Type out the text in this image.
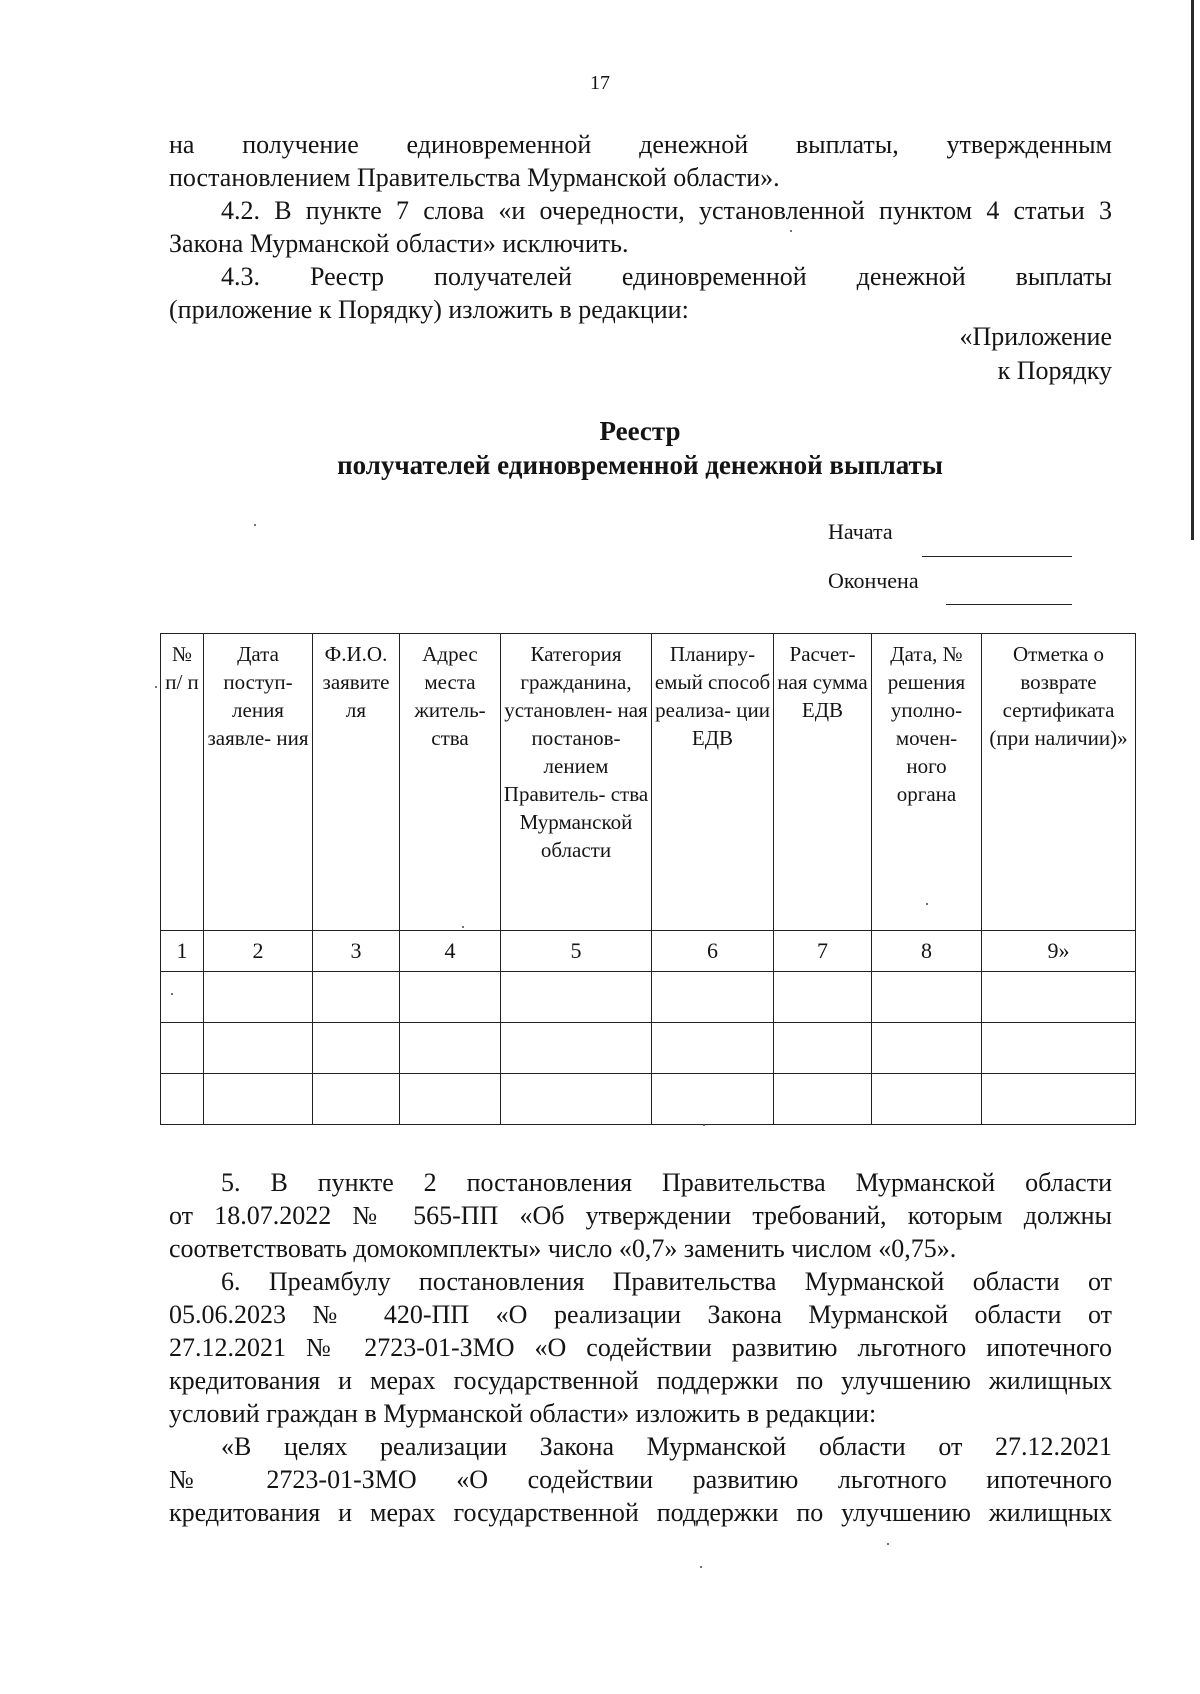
17

на получение единовременной денежной выплаты, утвержденным

постановлением Правительства Мурманской области».

4.2. В пункте 7 слова «и очередности, установленной пунктом 4 статьи 3

Закона Мурманской области» исключить.

4.3. Реестр получателей единовременной денежной выплаты

(приложение к Порядку) изложить в редакции:

«Приложение
к Порядку
Реестр
получателей единовременной денежной выплаты
Начата
Окончена
№ п/ п	Дата поступ- ления заявле- ния	Ф.И.О. заявите ля	Адрес места житель- ства	Категория гражданина, установлен- ная постанов- лением Правитель- ства Мурманской области	Планиру- емый способ реализа- ции ЕДВ	Расчет- ная сумма ЕДВ	Дата, № решения уполно- мочен- ного органа	Отметка о возврате сертификата (при наличии)»
1	2	3	4	5	6	7	8	9»

5. В пункте 2 постановления Правительства Мурманской области

от 18.07.2022 № 565-ПП «Об утверждении требований, которым должны

соответствовать домокомплекты» число «0,7» заменить числом «0,75».

6. Преамбулу постановления Правительства Мурманской области от

05.06.2023 № 420-ПП «О реализации Закона Мурманской области от

27.12.2021 № 2723-01-ЗМО «О содействии развитию льготного ипотечного

кредитования и мерах государственной поддержки по улучшению жилищных

условий граждан в Мурманской области» изложить в редакции:

«В целях реализации Закона Мурманской области от 27.12.2021

№ 2723-01-ЗМО «О содействии развитию льготного ипотечного

кредитования и мерах государственной поддержки по улучшению жилищных
